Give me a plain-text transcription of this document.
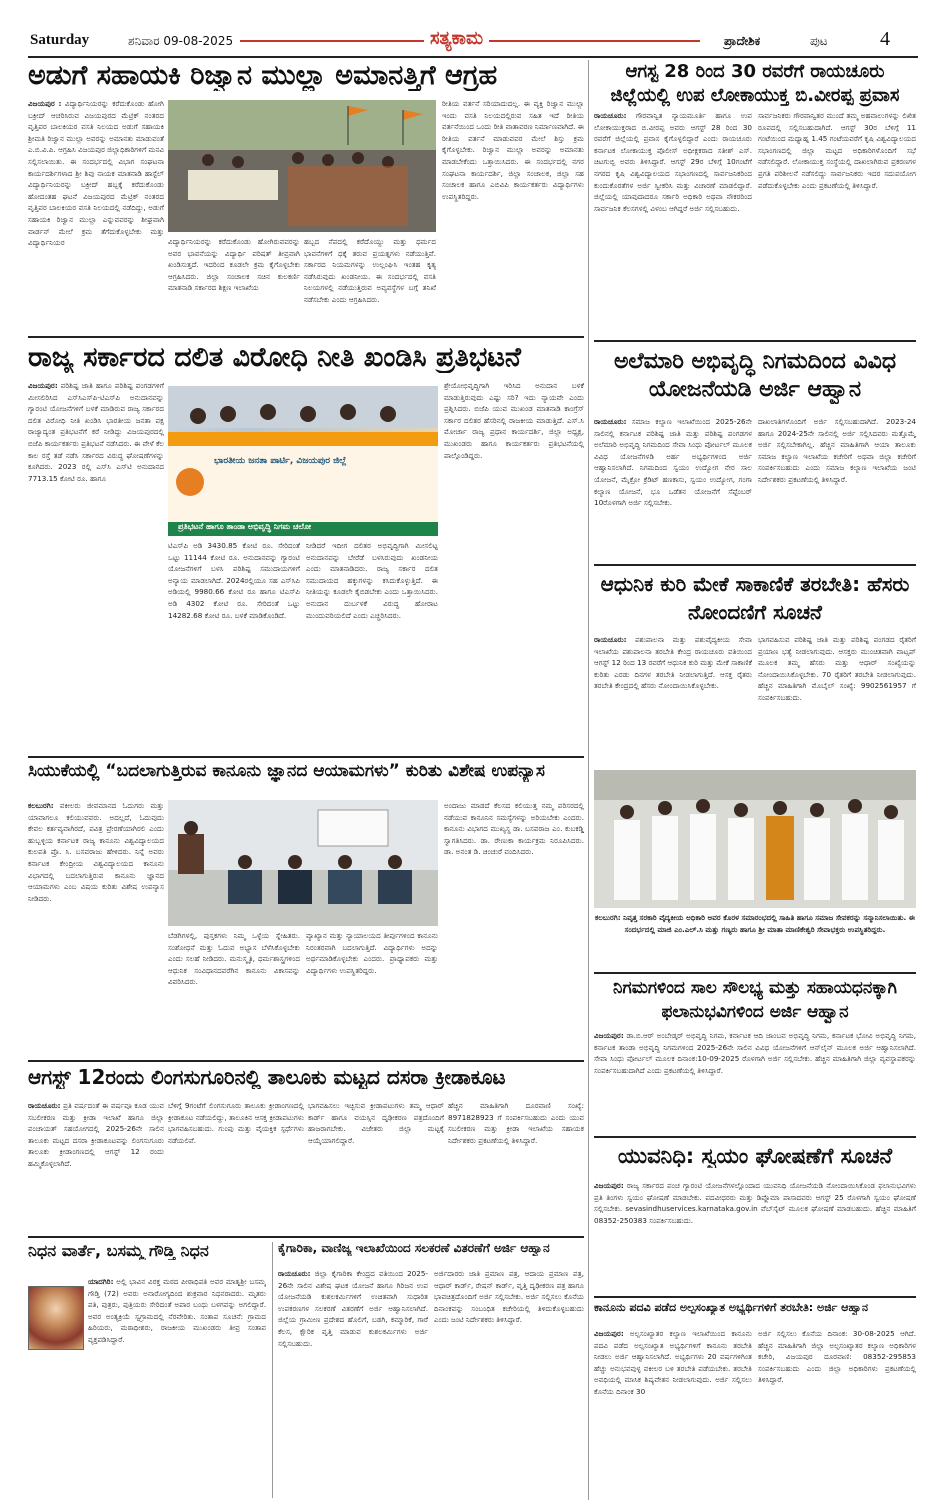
Saturday	ಶನಿವಾರ 09-08-2025	ಸತ್ಯಕಾಮ	ಪ್ರಾದೇಶಿಕ	ಪುಟ	4
ಅಡುಗೆ ಸಹಾಯಕಿ ರಿಜ್ವಾನ ಮುಲ್ಲಾ ಅಮಾನತ್ತಿಗೆ ಆಗ್ರಹ
ವಿಜಯಪುರ : ವಿದ್ಯಾರ್ಥಿನಿಯರನ್ನು ಕರೆದುಕೊಂಡು ಹೋಗಿ ಬಕ್ರೀದ್ ಆಚರಿಸಿರುವ ವಿಜಯಪುರದ ಮೆಟ್ರಿಕ್ ನಂತರದ ವೃತ್ತಿಪರ ಬಾಲಕಿಯರ ವಸತಿ ನಿಲಯದ ಅಡುಗೆ ಸಹಾಯಕಿ ಶ್ರೀಮತಿ ರಿಜ್ವಾನ ಮುಲ್ಲಾ ಅವರನ್ನು ಅಮಾನತು ಮಾಡುವಂತೆ ಎ.ಬಿ.ವಿ.ಪಿ. ಆಗ್ರಹಿಸಿ ವಿಜಯಪುರ ಜಿಲ್ಲಾಧಿಕಾರಿಗಳಿಗೆ ಮನವಿ ಸಲ್ಲಿಸಲಾಯಿತು. ಈ ಸಂದರ್ಭದಲ್ಲಿ ವಿಭಾಗ ಸಂಘಟನಾ ಕಾರ್ಯದರ್ಶಿಗಳಾದ ಶ್ರೀ ಶಿವು ನಾಯಕ ಮಾತನಾಡಿ ಹಾಸ್ಟೆಲ್ ವಿದ್ಯಾರ್ಥಿನಿಯರನ್ನು ಬಕ್ರೀದ್ ಹಬ್ಬಕ್ಕೆ ಕರೆದುಕೊಂಡು ಹೋದಂತಹ ಘಟನೆ ವಿಜಯಪುರದ ಮೆಟ್ರಿಕ್ ನಂತರದ ವೃತ್ತಿಪರ ಬಾಲಕಿಯರ ವಸತಿ ನಿಲಯದಲ್ಲಿ ನಡೆದಿದ್ದು, ಅಡುಗೆ ಸಹಾಯಕಿ ರಿಜ್ವಾನ ಮುಲ್ಲಾ ಎನ್ನುವವರನ್ನು ಶೀಘ್ರವಾಗಿ ವಾರ್ಡನ್ ಮೇಲೆ ಕ್ರಮ ತೆಗೆದುಕೊಳ್ಳಬೇಕು ಮತ್ತು ವಿದ್ಯಾರ್ಥಿನಿಯರ	ವಿದ್ಯಾರ್ಥಿನಿಯರನ್ನು ಕರೆದುಕೊಂಡು ಹೋಗಿರುವವರನ್ನು ಅವರ ಭಾವನೆಯನ್ನು ವಿದ್ಯಾರ್ಥಿ ಪರಿಷತ್ ತೀವ್ರವಾಗಿ ಖಂಡಿಸುತ್ತದೆ. ಇದರಿಂದ ಕೂಡಲೇ ಕ್ರಮ ಕೈಗೊಳ್ಳಬೇಕು ಆಗ್ರಹಿಸಿದರು. ಜಿಲ್ಲಾ ಸಂಚಾಲಕ ಸಚಿನ ಕುಲಕರ್ಣಿ ಮಾತನಾಡಿ ಸರ್ಕಾರದ ಶಿಕ್ಷಣ ಇಲಾಖೆಯ
ಹಬ್ಬದ ನೆಪದಲ್ಲಿ ಕರೆದೊಯ್ದು ಮತ್ತು ಧರ್ಮದ ಭಾವನೆಗಳಿಗೆ ಧಕ್ಕೆ ತರುವ ಪ್ರಯತ್ನಗಳು ನಡೆಯುತ್ತಿವೆ. ಸರ್ಕಾರದ ನಿಯಮಗಳನ್ನು ಉಲ್ಲಂಘಿಸಿ ಇಂತಹ ಕೃತ್ಯ ನಡೆಸಿರುವುದು ಖಂಡನೀಯ. ಈ ಸಂದರ್ಭದಲ್ಲಿ ವಸತಿ ನಿಲಯಗಳಲ್ಲಿ ನಡೆಯುತ್ತಿರುವ ಅವ್ಯವಸ್ಥೆಗಳ ಬಗ್ಗೆ ತನಿಖೆ ನಡೆಸಬೇಕು ಎಂದು ಆಗ್ರಹಿಸಿದರು.
ರೀತಿಯ ವರ್ತನೆ ಸರಿಯಾದುದಲ್ಲ. ಈ ವ್ಯಕ್ತಿ ರಿಜ್ವಾನ ಮುಲ್ಲಾ ಇಂದು ವಸತಿ ನಿಲಯದಲ್ಲಿರುವ ಸಹಿತ ಇದೆ ರೀತಿಯ ವರ್ತನೆಯಿಂದ ಒಂದು ರೀತಿ ವಾತಾವರಣ ನಿರ್ಮಾಣವಾಗಿದೆ. ಈ ರೀತಿಯ ವರ್ತನೆ ಮಾಡುವವರ ಮೇಲೆ ಶಿಸ್ತು ಕ್ರಮ ಕೈಗೊಳ್ಳಬೇಕು. ರಿಜ್ವಾನ ಮುಲ್ಲಾ ಅವರನ್ನು ಅಮಾನತು ಮಾಡಬೇಕೆಂದು ಒತ್ತಾಯಿಸಿದರು. ಈ ಸಂದರ್ಭದಲ್ಲಿ ನಗರ ಸಂಘಟನಾ ಕಾರ್ಯದರ್ಶಿ, ಜಿಲ್ಲಾ ಸಂಚಾಲಕ, ಜಿಲ್ಲಾ ಸಹ ಸಂಚಾಲಕ ಹಾಗೂ ಎಬಿವಿಪಿ ಕಾರ್ಯಕರ್ತರು ವಿದ್ಯಾರ್ಥಿಗಳು ಉಪಸ್ಥಿತರಿದ್ದರು.
ಆಗಸ್ಟ 28 ರಿಂದ 30 ರವರೆಗೆ ರಾಯಚೂರು ಜಿಲ್ಲೆಯಲ್ಲಿ ಉಪ ಲೋಕಾಯುಕ್ತ ಬಿ.ವೀರಪ್ಪ ಪ್ರವಾಸ
ರಾಯಚೂರು: ಗೌರವಾನ್ವಿತ ನ್ಯಾಯಮೂರ್ತಿ ಹಾಗೂ ಉಪ ಲೋಕಾಯುಕ್ತರಾದ ಬಿ.ವೀರಪ್ಪ ಅವರು ಆಗಸ್ಟ್ 28 ರಿಂದ 30 ರವರೆಗೆ ಜಿಲ್ಲೆಯಲ್ಲಿ ಪ್ರವಾಸ ಕೈಗೊಳ್ಳಲಿದ್ದಾರೆ ಎಂದು ರಾಯಚೂರು ಕರ್ನಾಟಕ ಲೋಕಾಯುಕ್ತ ಪೊಲೀಸ್ ಅಧೀಕ್ಷಕರಾದ ಸತೀಶ್ ಎಸ್. ಚಿಟಗುಬ್ಬಿ ಅವರು ತಿಳಿಸಿದ್ದಾರೆ. ಆಗಸ್ಟ್ 29ರ ಬೆಳಿಗ್ಗೆ 10ಗಂಟೆಗೆ ನಗರದ ಕೃಷಿ ವಿಶ್ವವಿದ್ಯಾಲಯದ ಸಭಾಂಗಣದಲ್ಲಿ ಸಾರ್ವಜನಿಕರಿಂದ ಕುಂದುಕೊರತೆಗಳ ಅರ್ಜಿ ಸ್ವೀಕರಿಸಿ ಮತ್ತು ವಿಚಾರಣೆ ಮಾಡಲಿದ್ದಾರೆ. ಜಿಲ್ಲೆಯಲ್ಲಿ ಯಾವುದಾದರೂ ಸರ್ಕಾರಿ ಅಧಿಕಾರಿ ಅಥವಾ ನೌಕರರಿಂದ ಸಾರ್ವಜನಿಕ ಕೆಲಸಗಳಲ್ಲಿ ವಿಳಂಬ ಆಗಿದ್ದರೆ ಅರ್ಜಿ ಸಲ್ಲಿಸಬಹುದು.
ಸಾರ್ವಜನಿಕರು ಗೌರವಾನ್ವಿತರ ಮುಂದೆ ತಮ್ಮ ಅಹವಾಲುಗಳನ್ನು ಲಿಖಿತ ರೂಪದಲ್ಲಿ ಸಲ್ಲಿಸಬಹುದಾಗಿದೆ. ಆಗಸ್ಟ್ 30ರ ಬೆಳಿಗ್ಗೆ 11 ಗಂಟೆಯಿಂದ ಮಧ್ಯಾಹ್ನ 1.45 ಗಂಟೆಯವರೆಗೆ ಕೃಷಿ ವಿಶ್ವವಿದ್ಯಾಲಯದ ಸಭಾಂಗಣದಲ್ಲಿ ಜಿಲ್ಲಾ ಮಟ್ಟದ ಅಧಿಕಾರಿಗಳೊಂದಿಗೆ ಸಭೆ ನಡೆಸಲಿದ್ದಾರೆ. ಲೋಕಾಯುಕ್ತ ಸಂಸ್ಥೆಯಲ್ಲಿ ದಾಖಲಾಗಿರುವ ಪ್ರಕರಣಗಳ ಪ್ರಗತಿ ಪರಿಶೀಲನೆ ನಡೆಸಲಿದ್ದು ಸಾರ್ವಜನಿಕರು ಇದರ ಸದುಪಯೋಗ ಪಡೆದುಕೊಳ್ಳಬೇಕು ಎಂದು ಪ್ರಕಟಣೆಯಲ್ಲಿ ತಿಳಿಸಿದ್ದಾರೆ.
ರಾಜ್ಯ ಸರ್ಕಾರದ ದಲಿತ ವಿರೋಧಿ ನೀತಿ ಖಂಡಿಸಿ ಪ್ರತಿಭಟನೆ
ವಿಜಯಪುರ: ಪರಿಶಿಷ್ಟ ಜಾತಿ ಹಾಗೂ ಪರಿಶಿಷ್ಟ ಪಂಗಡಗಳಿಗೆ ಮೀಸಲಿರಿಸಿದ ಎಸ್‌ಸಿಎಸ್‌ಪಿ-ಟಿಎಸ್‌ಪಿ ಅನುದಾನವನ್ನು ಗ್ಯಾರಂಟಿ ಯೋಜನೆಗಳಿಗೆ ಬಳಕೆ ಮಾಡಿರುವ ರಾಜ್ಯ ಸರ್ಕಾರದ ದಲಿತ ವಿರೋಧಿ ನೀತಿ ಖಂಡಿಸಿ ಭಾರತೀಯ ಜನತಾ ಪಕ್ಷ ರಾಜ್ಯಾದ್ಯಂತ ಪ್ರತಿಭಟನೆಗೆ ಕರೆ ನೀಡಿದ್ದು ವಿಜಯಪುರದಲ್ಲಿ ಬಿಜೆಪಿ ಕಾರ್ಯಕರ್ತರು ಪ್ರತಿಭಟನೆ ನಡೆಸಿದರು. ಈ ವೇಳೆ ಕೆಲ ಕಾಲ ರಸ್ತೆ ತಡೆ ನಡೆಸಿ ಸರ್ಕಾರದ ವಿರುದ್ಧ ಘೋಷಣೆಗಳನ್ನು ಕೂಗಿದರು. 2023 ರಲ್ಲಿ ಎಸ್‌ಸಿ ಎಸ್‌ಟಿ ಅನುದಾನದ 7713.15 ಕೋಟಿ ರೂ. ಹಾಗೂ
ಭಾರತೀಯ ಜನತಾ ಪಾರ್ಟಿ, ವಿಜಯಪುರ ಜಿಲ್ಲೆ
ಪ್ರತಿಭಟನೆ ಹಾಗೂ ತಾಂಡಾ ಅಭಿವೃದ್ಧಿ ನಿಗಮ ಚಲೋ
ಟಿಎಸ್‌ಪಿ ಅಡಿ 3430.85 ಕೋಟಿ ರೂ. ಸೇರಿದಂತೆ ಒಟ್ಟು 11144 ಕೋಟಿ ರೂ. ಅನುದಾನವನ್ನು ಗ್ಯಾರಂಟಿ ಯೋಜನೆಗಳಿಗೆ ಬಳಸಿ ಪರಿಶಿಷ್ಟ ಸಮುದಾಯಗಳಿಗೆ ಅನ್ಯಾಯ ಮಾಡಲಾಗಿದೆ. 2024ರಲ್ಲಿಯೂ ಸಹ ಎಸ್‌ಸಿಪಿ ಅಡಿಯಲ್ಲಿ 9980.66 ಕೋಟಿ ರೂ ಹಾಗೂ ಟಿಎಸ್‌ಪಿ ಅಡಿ 4302 ಕೋಟಿ ರೂ. ಸೇರಿದಂತೆ ಒಟ್ಟು 14282.68 ಕೋಟಿ ರೂ. ಬಳಕೆ ಮಾಡಿಕೊಂಡಿದೆ.
ನೀಡಿದರೆ ಇದೀಗ ದಲಿತರ ಅಭಿವೃದ್ಧಿಗಾಗಿ ಮೀಸಲಿಟ್ಟ ಅನುದಾನವನ್ನು ಬೇರೆಡೆ ಬಳಸಿರುವುದು ಖಂಡನೀಯ ಎಂದು ಮಾತನಾಡಿದರು. ರಾಜ್ಯ ಸರ್ಕಾರ ದಲಿತ ಸಮುದಾಯದ ಹಕ್ಕುಗಳನ್ನು ಕಸಿದುಕೊಳ್ಳುತ್ತಿದೆ. ಈ ನೀತಿಯನ್ನು ಕೂಡಲೇ ಕೈಬಿಡಬೇಕು ಎಂದು ಒತ್ತಾಯಿಸಿದರು. ಅನುದಾನ ದುರ್ಬಳಕೆ ವಿರುದ್ಧ ಹೋರಾಟ ಮುಂದುವರಿಯಲಿದೆ ಎಂದು ಎಚ್ಚರಿಸಿದರು.
ಶ್ರೇಯೋಭಿವೃದ್ಧಿಗಾಗಿ ಇರಿಸಿದ ಅನುದಾನ ಬಳಕೆ ಮಾಡುತ್ತಿರುವುದು ಎಷ್ಟು ಸರಿ? ಇದು ನ್ಯಾಯವೇ ಎಂದು ಪ್ರಶ್ನಿಸಿದರು. ಬಿಜೆಪಿ ಯುವ ಮುಖಂಡ ಮಾತನಾಡಿ ಕಾಂಗ್ರೆಸ್ ಸರ್ಕಾರ ದಲಿತರ ಹೆಸರಿನಲ್ಲಿ ರಾಜಕೀಯ ಮಾಡುತ್ತಿದೆ. ಎಸ್.ಸಿ ಮೋರ್ಚಾ ರಾಜ್ಯ ಪ್ರಧಾನ ಕಾರ್ಯದರ್ಶಿ, ಜಿಲ್ಲಾ ಅಧ್ಯಕ್ಷ, ಮುಖಂಡರು ಹಾಗೂ ಕಾರ್ಯಕರ್ತರು ಪ್ರತಿಭಟನೆಯಲ್ಲಿ ಪಾಲ್ಗೊಂಡಿದ್ದರು.
ಅಲೆಮಾರಿ ಅಭಿವೃದ್ಧಿ ನಿಗಮದಿಂದ ವಿವಿಧ ಯೋಜನೆಯಡಿ ಅರ್ಜಿ ಆಹ್ವಾನ
ರಾಯಚೂರು: ಸಮಾಜ ಕಲ್ಯಾಣ ಇಲಾಖೆಯಿಂದ 2025-26ನೇ ಸಾಲಿನಲ್ಲಿ ಕರ್ನಾಟಕ ಪರಿಶಿಷ್ಟ ಜಾತಿ ಮತ್ತು ಪರಿಶಿಷ್ಟ ಪಂಗಡಗಳ ಅಲೆಮಾರಿ ಅಭಿವೃದ್ಧಿ ನಿಗಮದಿಂದ ಸೇವಾ ಸಿಂಧು ಪೋರ್ಟಲ್ ಮೂಲಕ ವಿವಿಧ ಯೋಜನೆಗಳಡಿ ಅರ್ಹ ಅಭ್ಯರ್ಥಿಗಳಿಂದ ಅರ್ಜಿ ಆಹ್ವಾನಿಸಲಾಗಿದೆ. ನಿಗಮದಿಂದ ಸ್ವಯಂ ಉದ್ಯೋಗ ನೇರ ಸಾಲ ಯೋಜನೆ, ಮೈಕ್ರೋ ಕ್ರೆಡಿಟ್ ಹಣಕಾಸು, ಸ್ವಯಂ ಉದ್ಯೋಗ, ಗಂಗಾ ಕಲ್ಯಾಣ ಯೋಜನೆ, ಭೂ ಒಡೆತನ ಯೋಜನೆಗೆ ಸೆಪ್ಟೆಂಬರ್ 10ರೊಳಗಾಗಿ ಅರ್ಜಿ ಸಲ್ಲಿಸಬೇಕು.
ದಾಖಲಾತಿಗಳೊಂದಿಗೆ ಅರ್ಜಿ ಸಲ್ಲಿಸಬಹುದಾಗಿದೆ. 2023-24 ಹಾಗೂ 2024-25ನೇ ಸಾಲಿನಲ್ಲಿ ಅರ್ಜಿ ಸಲ್ಲಿಸಿದವರು ಮತ್ತೊಮ್ಮೆ ಅರ್ಜಿ ಸಲ್ಲಿಸಬೇಕಾಗಿಲ್ಲ. ಹೆಚ್ಚಿನ ಮಾಹಿತಿಗಾಗಿ ಆಯಾ ತಾಲೂಕು ಸಮಾಜ ಕಲ್ಯಾಣ ಇಲಾಖೆಯ ಕಚೇರಿಗೆ ಅಥವಾ ಜಿಲ್ಲಾ ಕಚೇರಿಗೆ ಸಂಪರ್ಕಿಸಬಹುದು ಎಂದು ಸಮಾಜ ಕಲ್ಯಾಣ ಇಲಾಖೆಯ ಜಂಟಿ ನಿರ್ದೇಶಕರು ಪ್ರಕಟಣೆಯಲ್ಲಿ ತಿಳಿಸಿದ್ದಾರೆ.
ಆಧುನಿಕ ಕುರಿ ಮೇಕೆ ಸಾಕಾಣಿಕೆ ತರಬೇತಿ: ಹೆಸರು ನೋಂದಣಿಗೆ ಸೂಚನೆ
ರಾಯಚೂರು: ಪಶುಪಾಲನಾ ಮತ್ತು ಪಶುವೈದ್ಯಕೀಯ ಸೇವಾ ಇಲಾಖೆಯ ಪಶುಪಾಲನಾ ತರಬೇತಿ ಕೇಂದ್ರ ರಾಯಚೂರು ವತಿಯಿಂದ ಆಗಸ್ಟ್ 12 ರಿಂದ 13 ರವರೆಗೆ ಆಧುನಿಕ ಕುರಿ ಮತ್ತು ಮೇಕೆ ಸಾಕಾಣಿಕೆ ಕುರಿತು ಎರಡು ದಿನಗಳ ತರಬೇತಿ ನೀಡಲಾಗುತ್ತಿದೆ. ಆಸಕ್ತ ರೈತರು ತರಬೇತಿ ಕೇಂದ್ರದಲ್ಲಿ ಹೆಸರು ನೋಂದಾಯಿಸಿಕೊಳ್ಳಬೇಕು.
ಭಾಗವಹಿಸುವ ಪರಿಶಿಷ್ಟ ಜಾತಿ ಮತ್ತು ಪರಿಶಿಷ್ಟ ಪಂಗಡದ ರೈತರಿಗೆ ಪ್ರಯಾಣ ಭತ್ಯೆ ನೀಡಲಾಗುವುದು. ಆಸಕ್ತರು ಮುಂಚಿತವಾಗಿ ವಾಟ್ಸಪ್ ಮೂಲಕ ತಮ್ಮ ಹೆಸರು ಮತ್ತು ಆಧಾರ್ ಸಂಖ್ಯೆಯನ್ನು ನೋಂದಾಯಿಸಿಕೊಳ್ಳಬೇಕು. 70 ರೈತರಿಗೆ ತರಬೇತಿ ನೀಡಲಾಗುವುದು. ಹೆಚ್ಚಿನ ಮಾಹಿತಿಗಾಗಿ ಮೊಬೈಲ್ ಸಂಖ್ಯೆ: 9902561957 ಗೆ ಸಂಪರ್ಕಿಸಬಹುದು.
ಸಿಯುಕೆಯಲ್ಲಿ “ಬದಲಾಗುತ್ತಿರುವ ಕಾನೂನು ಜ್ಞಾನದ ಆಯಾಮಗಳು” ಕುರಿತು ವಿಶೇಷ ಉಪನ್ಯಾಸ
ಕಲಬುರಗಿ: ವಕೀಲರು ಜೀವಮಾನದ ಓದುಗರು ಮತ್ತು ಯಾವಾಗಲೂ ಕಲಿಯುವವರು. ಅದಲ್ಲದೆ, ಓದುವುದು ಕೇವಲ ಕರ್ತವ್ಯವಾಗಿರದೆ, ಪವಿತ್ರ ಪ್ರೇರಣೆಯಾಗಿರಲಿ ಎಂದು ಹುಬ್ಬಳ್ಳಿಯ ಕರ್ನಾಟಕ ರಾಜ್ಯ ಕಾನೂನು ವಿಶ್ವವಿದ್ಯಾಲಯದ ಕುಲಪತಿ ಪ್ರೊ. ಸಿ. ಬಸವರಾಜು ಹೇಳಿದರು. ನಿನ್ನೆ ಅವರು ಕರ್ನಾಟಕ ಕೇಂದ್ರೀಯ ವಿಶ್ವವಿದ್ಯಾಲಯದ ಕಾನೂನು ವಿಭಾಗದಲ್ಲಿ ಬದಲಾಗುತ್ತಿರುವ ಕಾನೂನು ಜ್ಞಾನದ ಆಯಾಮಗಳು ಎಂಬ ವಿಷಯ ಕುರಿತು ವಿಶೇಷ ಉಪನ್ಯಾಸ ನೀಡಿದರು.
ಬೆಡಗಿಗಳಲ್ಲಿ, ಪುಸ್ತಕಗಳು ನಿಮ್ಮ ಒಳ್ಳೆಯ ಸ್ನೇಹಿತರು. ಸಂಶೋಧನೆ ಮತ್ತು ಓದುವ ಅಭ್ಯಾಸ ಬೆಳೆಸಿಕೊಳ್ಳಬೇಕು ಎಂದು ಸಲಹೆ ನೀಡಿದರು. ಮನುಸ್ಮೃತಿ, ಧರ್ಮಶಾಸ್ತ್ರಗಳಿಂದ ಆಧುನಿಕ ಸಂವಿಧಾನದವರೆಗಿನ ಕಾನೂನು ವಿಕಾಸವನ್ನು ವಿವರಿಸಿದರು.
ವ್ಯಾಖ್ಯಾನ ಮತ್ತು ನ್ಯಾಯಾಲಯದ ತೀರ್ಪುಗಳಿಂದ ಕಾನೂನು ನಿರಂತರವಾಗಿ ಬದಲಾಗುತ್ತಿದೆ. ವಿದ್ಯಾರ್ಥಿಗಳು ಅದನ್ನು ಅರ್ಥಮಾಡಿಕೊಳ್ಳಬೇಕು ಎಂದರು. ಪ್ರಾಧ್ಯಾಪಕರು ಮತ್ತು ವಿದ್ಯಾರ್ಥಿಗಳು ಉಪಸ್ಥಿತರಿದ್ದರು.
ಅಂದಾಜು ಮಾಡದೆ ಕೆಲಸದ ಕಲಿಯುತ್ತ ನಮ್ಮ ಪರಿಸರದಲ್ಲಿ ನಡೆಯುವ ಕಾನೂನಿನ ಸಮಸ್ಯೆಗಳನ್ನು ಅರಿಯಬೇಕು ಎಂದರು. ಕಾನೂನು ವಿಭಾಗದ ಮುಖ್ಯಸ್ಥ ಡಾ. ಬಸವರಾಜ ಎಂ. ಕುಬಕಡ್ಡಿ ಸ್ವಾಗತಿಸಿದರು. ಡಾ. ರೇಣುಕಾ ಕಾರ್ಯಕ್ರಮ ನಿರೂಪಿಸಿದರು. ಡಾ. ಅನಂತ ಡಿ. ಚಿಂಚುರೆ ವಂದಿಸಿದರು.
ಕಲಬುರಗಿ: ನಿವೃತ್ತ ಸರಕಾರಿ ವೈದ್ಯಕೀಯ ಅಧಿಕಾರಿ ಅವರ ಕೊರಳ ಸಮಾರಂಭದಲ್ಲಿ ಸಾಹಿತಿ ಹಾಗೂ ಸಮಾಜ ಸೇವಕರನ್ನು ಸನ್ಮಾನಿಸಲಾಯಿತು. ಈ ಸಂದರ್ಭದಲ್ಲಿ ಮಾಜಿ ಎಂ.ಎಲ್.ಸಿ ಮತ್ತು ಗಣ್ಯರು ಹಾಗೂ ಶ್ರೀ ಮಾತಾ ಮಾಣಿಕೇಶ್ವರಿ ಸೇವಾಭಕ್ತರು ಉಪಸ್ಥಿತರಿದ್ದರು.
ನಿಗಮಗಳಿಂದ ಸಾಲ ಸೌಲಭ್ಯ ಮತ್ತು ಸಹಾಯಧನಕ್ಕಾಗಿ ಫಲಾನುಭವಿಗಳಿಂದ ಅರ್ಜಿ ಆಹ್ವಾನ
ವಿಜಯಪುರ: ಡಾ.ಬಿ.ಆರ್ ಅಂಬೇಡ್ಕರ್ ಅಭಿವೃದ್ಧಿ ನಿಗಮ, ಕರ್ನಾಟಕ ಆದಿ ಜಾಂಬವ ಅಭಿವೃದ್ಧಿ ನಿಗಮ, ಕರ್ನಾಟಕ ಭೋವಿ ಅಭಿವೃದ್ಧಿ ನಿಗಮ, ಕರ್ನಾಟಕ ತಾಂಡಾ ಅಭಿವೃದ್ಧಿ ನಿಗಮಗಳಿಂದ 2025-26ನೇ ಸಾಲಿನ ವಿವಿಧ ಯೋಜನೆಗಳಿಗೆ ಆನ್‌ಲೈನ್ ಮೂಲಕ ಅರ್ಜಿ ಆಹ್ವಾನಿಸಲಾಗಿದೆ. ಸೇವಾ ಸಿಂಧು ಪೋರ್ಟಲ್ ಮೂಲಕ ದಿನಾಂಕ:10-09-2025 ರೊಳಗಾಗಿ ಅರ್ಜಿ ಸಲ್ಲಿಸಬೇಕು. ಹೆಚ್ಚಿನ ಮಾಹಿತಿಗಾಗಿ ಜಿಲ್ಲಾ ವ್ಯವಸ್ಥಾಪಕರನ್ನು ಸಂಪರ್ಕಿಸಬಹುದಾಗಿದೆ ಎಂದು ಪ್ರಕಟಣೆಯಲ್ಲಿ ತಿಳಿಸಿದ್ದಾರೆ.
ಆಗಸ್ಟ್ 12ರಂದು ಲಿಂಗಸುಗೂರಿನಲ್ಲಿ ತಾಲೂಕು ಮಟ್ಟದ ದಸರಾ ಕ್ರೀಡಾಕೂಟ
ರಾಯಚೂರು: ಪ್ರತಿ ವರ್ಷದಂತೆ ಈ ವರ್ಷವೂ ಕೂಡ ಯುವ ಸಬಲೀಕರಣ ಮತ್ತು ಕ್ರೀಡಾ ಇಲಾಖೆ ಹಾಗೂ ಜಿಲ್ಲಾ ಪಂಚಾಯತ್ ಸಹಯೋಗದಲ್ಲಿ 2025-26ನೇ ಸಾಲಿನ ತಾಲೂಕು ಮಟ್ಟದ ದಸರಾ ಕ್ರೀಡಾಕೂಟವನ್ನು ಲಿಂಗಸುಗೂರು ತಾಲೂಕು ಕ್ರೀಡಾಂಗಣದಲ್ಲಿ ಆಗಸ್ಟ್ 12 ರಂದು ಹಮ್ಮಿಕೊಳ್ಳಲಾಗಿದೆ.
ಬೆಳಿಗ್ಗೆ 9ಗಂಟೆಗೆ ಲಿಂಗಸುಗೂರು ತಾಲೂಕು ಕ್ರೀಡಾಂಗಣದಲ್ಲಿ ಕ್ರೀಡಾಕೂಟ ನಡೆಯಲಿದ್ದು, ತಾಲೂಕಿನ ಆಸಕ್ತ ಕ್ರೀಡಾಪಟುಗಳು ಭಾಗವಹಿಸಬಹುದು. ಗುಂಪು ಮತ್ತು ವೈಯಕ್ತಿಕ ಸ್ಪರ್ಧೆಗಳು ನಡೆಯಲಿವೆ.
ಭಾಗವಹಿಸಲು ಇಚ್ಛಿಸುವ ಕ್ರೀಡಾಪಟುಗಳು ತಮ್ಮ ಆಧಾರ್ ಕಾರ್ಡ್ ಹಾಗೂ ವಯಸ್ಸಿನ ದೃಢೀಕರಣ ಪತ್ರದೊಂದಿಗೆ ಹಾಜರಾಗಬೇಕು. ವಿಜೇತರು ಜಿಲ್ಲಾ ಮಟ್ಟಕ್ಕೆ ಆಯ್ಕೆಯಾಗಲಿದ್ದಾರೆ.
ಹೆಚ್ಚಿನ ಮಾಹಿತಿಗಾಗಿ ದೂರವಾಣಿ ಸಂಖ್ಯೆ: 8971828923 ಗೆ ಸಂಪರ್ಕಿಸಬಹುದು ಎಂದು ಯುವ ಸಬಲೀಕರಣ ಮತ್ತು ಕ್ರೀಡಾ ಇಲಾಖೆಯ ಸಹಾಯಕ ನಿರ್ದೇಶಕರು ಪ್ರಕಟಣೆಯಲ್ಲಿ ತಿಳಿಸಿದ್ದಾರೆ.
ಯುವನಿಧಿ: ಸ್ವಯಂ ಘೋಷಣೆಗೆ ಸೂಚನೆ
ವಿಜಯಪುರ: ರಾಜ್ಯ ಸರ್ಕಾರದ ಪಂಚ ಗ್ಯಾರಂಟಿ ಯೋಜನೆಗಳಲ್ಲೊಂದಾದ ಯುವನಿಧಿ ಯೋಜನೆಯಡಿ ನೋಂದಾಯಿಸಿಕೊಂಡ ಫಲಾನುಭವಿಗಳು ಪ್ರತಿ ತಿಂಗಳು ಸ್ವಯಂ ಘೋಷಣೆ ಮಾಡಬೇಕು. ಪದವೀಧರರು ಮತ್ತು ಡಿಪ್ಲೊಮಾ ಪಾಸಾದವರು ಆಗಸ್ಟ್ 25 ರೊಳಗಾಗಿ ಸ್ವಯಂ ಘೋಷಣೆ ಸಲ್ಲಿಸಬೇಕು. sevasindhuservices.karnataka.gov.in ವೆಬ್‌ಸೈಟ್ ಮೂಲಕ ಘೋಷಣೆ ಮಾಡಬಹುದು. ಹೆಚ್ಚಿನ ಮಾಹಿತಿಗೆ 08352-250383 ಸಂಪರ್ಕಿಸಬಹುದು.
ನಿಧನ ವಾರ್ತೆ, ಬಸಮ್ಮ ಗೌಡ್ತಿ ನಿಧನ
ಯಾದಗಿರಿ: ಅಲ್ಲಿ ಭಾವಿನ ವಿರಕ್ತ ಮಠದ ಪೀಠಾಧಿಪತಿ ಅವರ ಮಾತೃಶ್ರೀ ಬಸಮ್ಮ ಗೌಡ್ತಿ (72) ಅವರು ಅನಾರೋಗ್ಯದಿಂದ ಶುಕ್ರವಾರ ನಿಧನರಾದರು. ಮೃತರು ಪತಿ, ಪುತ್ರರು, ಪುತ್ರಿಯರು ಸೇರಿದಂತೆ ಅಪಾರ ಬಂಧು ಬಳಗವನ್ನು ಅಗಲಿದ್ದಾರೆ. ಅವರ ಅಂತ್ಯಕ್ರಿಯೆ ಸ್ವಗ್ರಾಮದಲ್ಲಿ ನೆರವೇರಿತು. ಸಂತಾಪ ಸೂಚನೆ: ಗ್ರಾಮದ ಹಿರಿಯರು, ಮಠಾಧೀಶರು, ರಾಜಕೀಯ ಮುಖಂಡರು ತೀವ್ರ ಸಂತಾಪ ವ್ಯಕ್ತಪಡಿಸಿದ್ದಾರೆ.
ಕೈಗಾರಿಕಾ, ವಾಣಿಜ್ಯ ಇಲಾಖೆಯಿಂದ ಸಲಕರಣೆ ವಿತರಣೆಗೆ ಅರ್ಜಿ ಆಹ್ವಾನ
ರಾಯಚೂರು: ಜಿಲ್ಲಾ ಕೈಗಾರಿಕಾ ಕೇಂದ್ರದ ವತಿಯಿಂದ 2025-26ನೇ ಸಾಲಿನ ವಿಶೇಷ ಘಟಕ ಯೋಜನೆ ಹಾಗೂ ಗಿರಿಜನ ಉಪ ಯೋಜನೆಯಡಿ ಕುಶಲಕರ್ಮಿಗಳಿಗೆ ಉಚಿತವಾಗಿ ಸುಧಾರಿತ ಉಪಕರಣಗಳ ಸಲಕರಣೆ ವಿತರಣೆಗೆ ಅರ್ಜಿ ಆಹ್ವಾನಿಸಲಾಗಿದೆ. ಜಿಲ್ಲೆಯ ಗ್ರಾಮೀಣ ಪ್ರದೇಶದ ಹೊಲಿಗೆ, ಬಡಗಿ, ಕಮ್ಮಾರಿಕೆ, ಗಾರೆ ಕೆಲಸ, ಕ್ಷೌರಿಕ ವೃತ್ತಿ ಮಾಡುವ ಕುಶಲಕರ್ಮಿಗಳು ಅರ್ಜಿ ಸಲ್ಲಿಸಬಹುದು.
ಅರ್ಜಿದಾರರು ಜಾತಿ ಪ್ರಮಾಣ ಪತ್ರ, ಆದಾಯ ಪ್ರಮಾಣ ಪತ್ರ, ಆಧಾರ್ ಕಾರ್ಡ್, ರೇಷನ್ ಕಾರ್ಡ್, ವೃತ್ತಿ ದೃಢೀಕರಣ ಪತ್ರ ಹಾಗೂ ಭಾವಚಿತ್ರದೊಂದಿಗೆ ಅರ್ಜಿ ಸಲ್ಲಿಸಬೇಕು. ಅರ್ಜಿ ಸಲ್ಲಿಸಲು ಕೊನೆಯ ದಿನಾಂಕವನ್ನು ಸಂಬಂಧಿತ ಕಚೇರಿಯಲ್ಲಿ ತಿಳಿದುಕೊಳ್ಳಬಹುದು ಎಂದು ಜಂಟಿ ನಿರ್ದೇಶಕರು ತಿಳಿಸಿದ್ದಾರೆ.
ಕಾನೂನು ಪದವಿ ಪಡೆದ ಅಲ್ಪಸಂಖ್ಯಾತ ಅಭ್ಯರ್ಥಿಗಳಿಗೆ ತರಬೇತಿ: ಅರ್ಜಿ ಆಹ್ವಾನ
ವಿಜಯಪುರ: ಅಲ್ಪಸಂಖ್ಯಾತರ ಕಲ್ಯಾಣ ಇಲಾಖೆಯಿಂದ ಕಾನೂನು ಪದವಿ ಪಡೆದ ಅಲ್ಪಸಂಖ್ಯಾತ ಅಭ್ಯರ್ಥಿಗಳಿಗೆ ಕಾನೂನು ತರಬೇತಿ ನೀಡಲು ಅರ್ಜಿ ಆಹ್ವಾನಿಸಲಾಗಿದೆ. ಅಭ್ಯರ್ಥಿಗಳು 20 ವರ್ಷಗಳಿಗಿಂತ ಹೆಚ್ಚು ಅನುಭವವುಳ್ಳ ವಕೀಲರ ಬಳಿ ತರಬೇತಿ ಪಡೆಯಬೇಕು. ತರಬೇತಿ ಅವಧಿಯಲ್ಲಿ ಮಾಸಿಕ ಶಿಷ್ಯವೇತನ ನೀಡಲಾಗುವುದು. ಅರ್ಜಿ ಸಲ್ಲಿಸಲು ಕೊನೆಯ ದಿನಾಂಕ 30
ಅರ್ಜಿ ಸಲ್ಲಿಸಲು ಕೊನೆಯ ದಿನಾಂಕ: 30-08-2025 ಆಗಿದೆ. ಹೆಚ್ಚಿನ ಮಾಹಿತಿಗಾಗಿ ಜಿಲ್ಲಾ ಅಲ್ಪಸಂಖ್ಯಾತರ ಕಲ್ಯಾಣ ಅಧಿಕಾರಿಗಳ ಕಚೇರಿ, ವಿಜಯಪುರ ದೂರವಾಣಿ: 08352-295853 ಸಂಪರ್ಕಿಸಬಹುದು ಎಂದು ಜಿಲ್ಲಾ ಅಧಿಕಾರಿಗಳು ಪ್ರಕಟಣೆಯಲ್ಲಿ ತಿಳಿಸಿದ್ದಾರೆ.
